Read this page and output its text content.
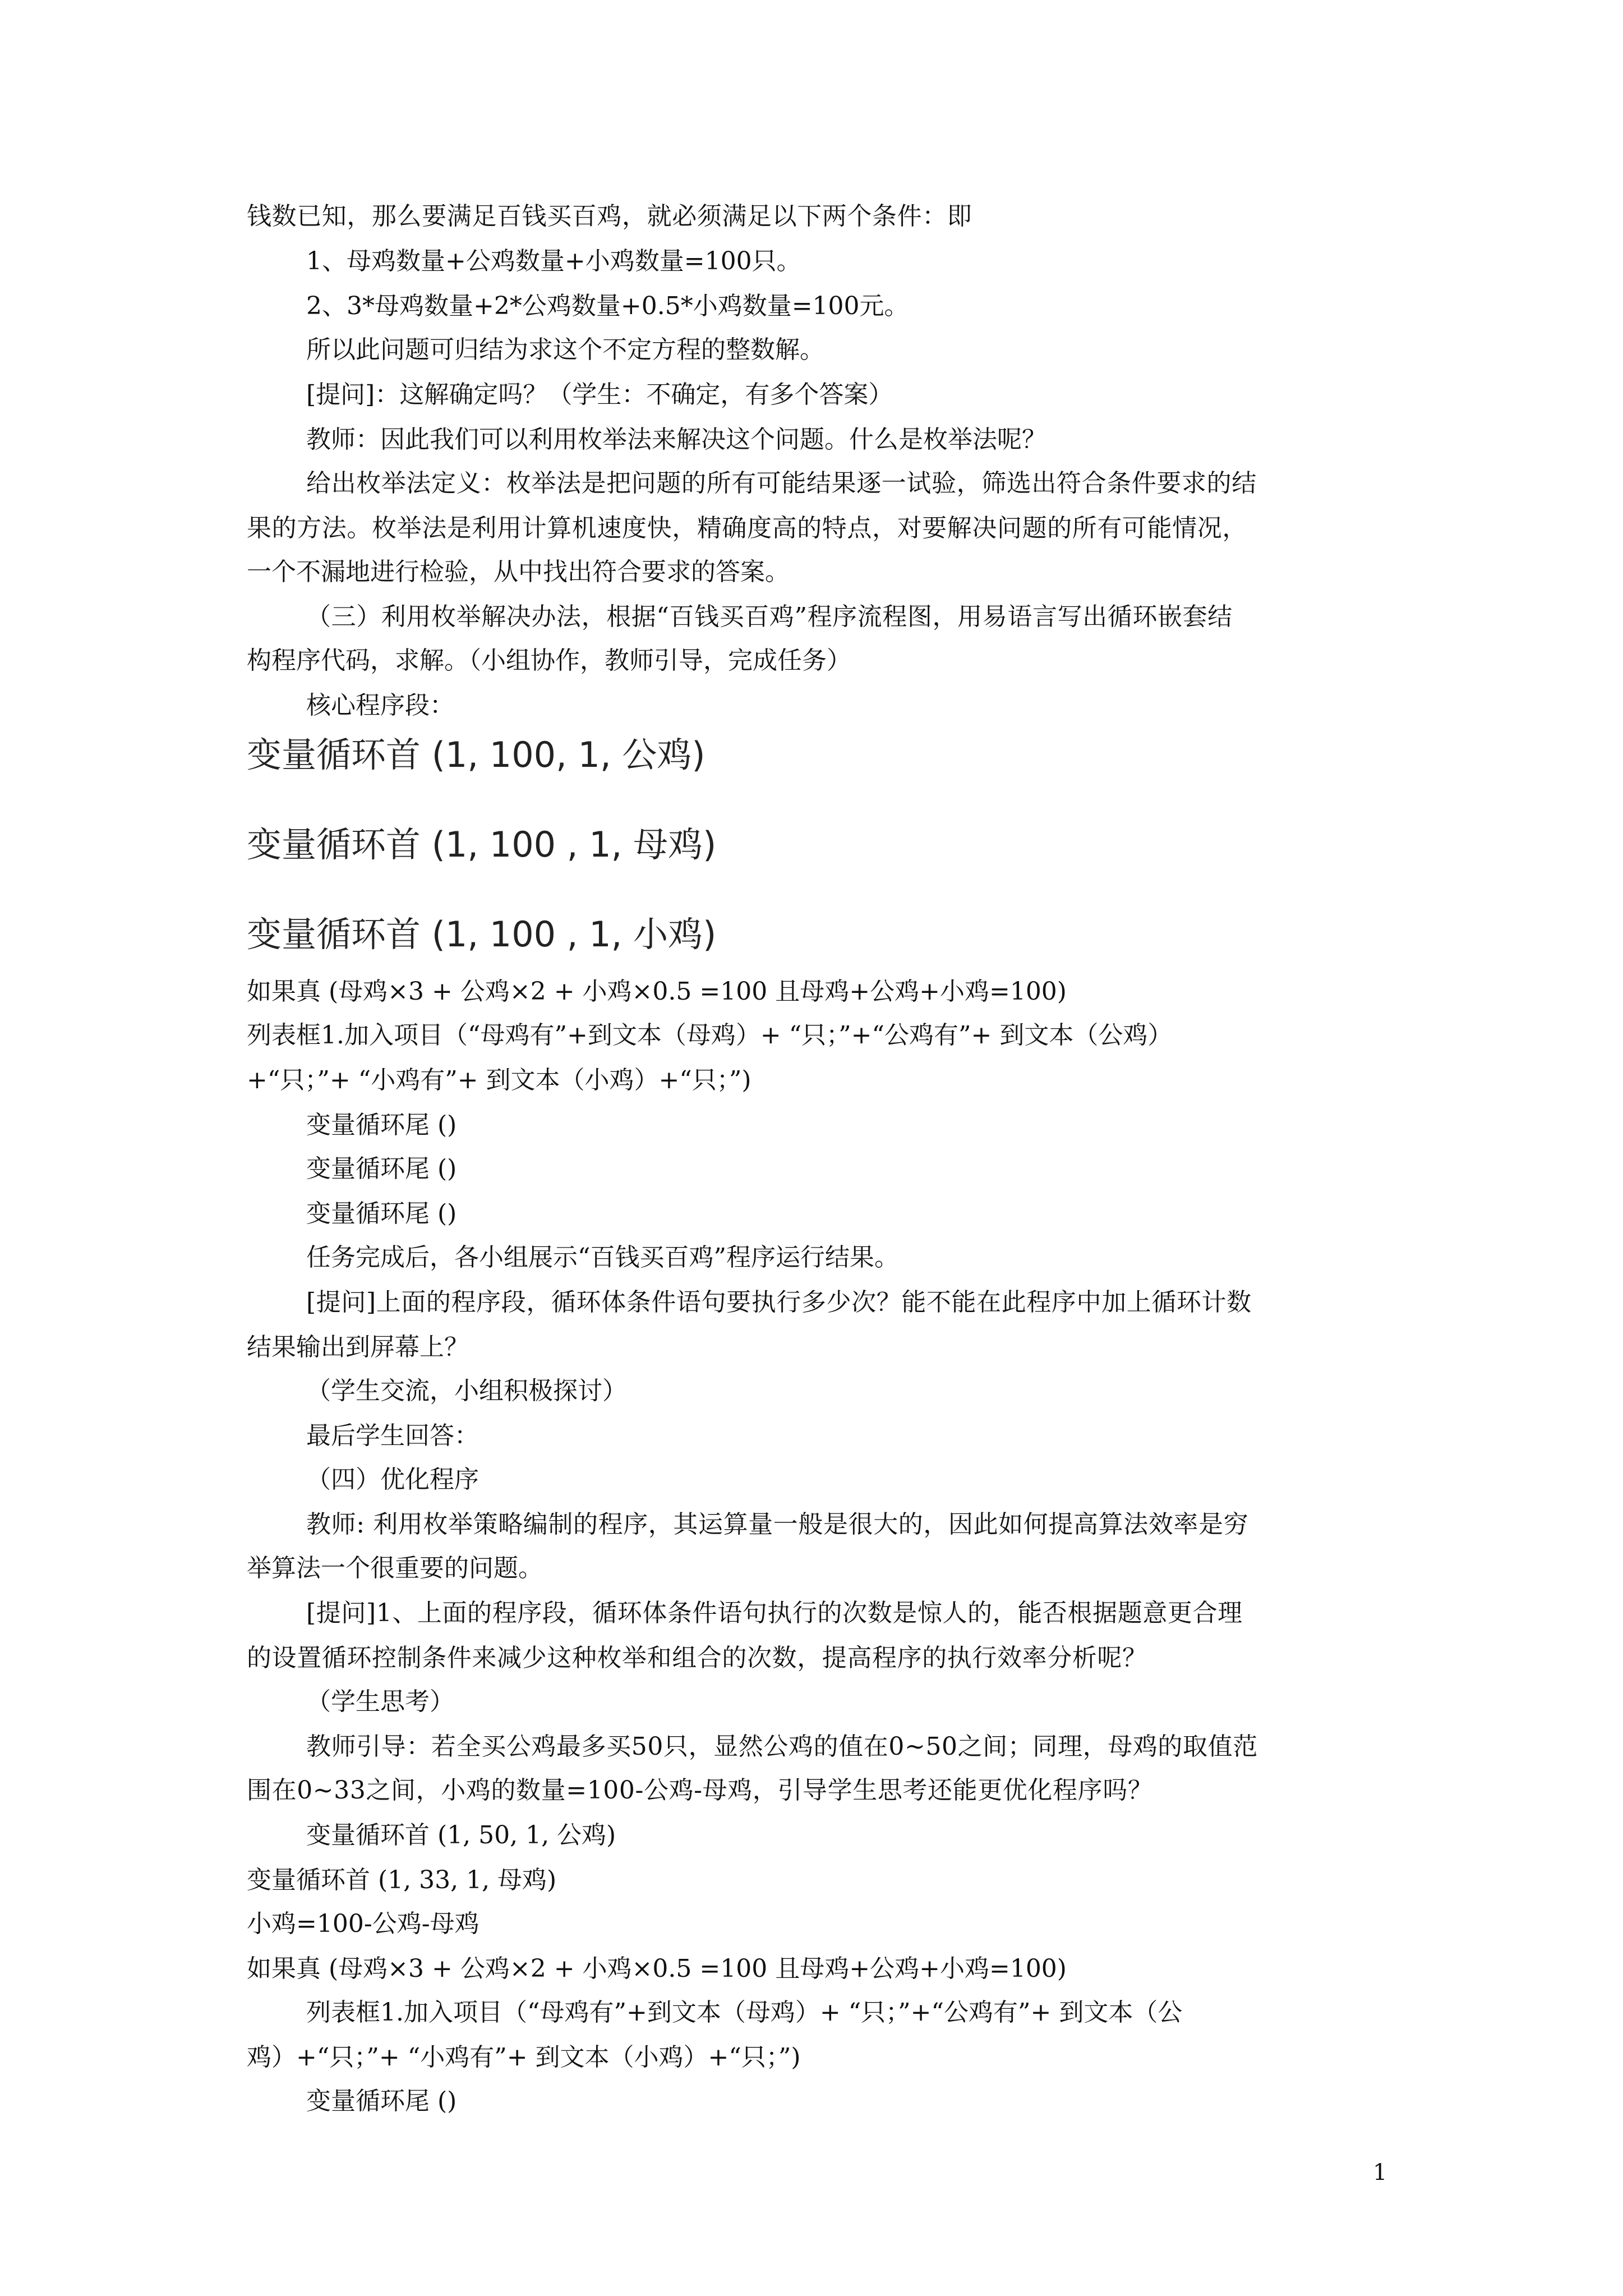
钱数已知，那么要满足百钱买百鸡，就必须满足以下两个条件：即
1、母鸡数量+公鸡数量+小鸡数量=100只。
2、3*母鸡数量+2*公鸡数量+0.5*小鸡数量=100元。
所以此问题可归结为求这个不定方程的整数解。
[提问]：这解确定吗？（学生：不确定，有多个答案）
教师：因此我们可以利用枚举法来解决这个问题。什么是枚举法呢？
给出枚举法定义：枚举法是把问题的所有可能结果逐一试验，筛选出符合条件要求的结
果的方法。枚举法是利用计算机速度快，精确度高的特点，对要解决问题的所有可能情况，
一个不漏地进行检验，从中找出符合要求的答案。
（三）利用枚举解决办法，根据“百钱买百鸡”程序流程图，用易语言写出循环嵌套结
构程序代码，求解。（小组协作，教师引导，完成任务）
核心程序段：
变量循环首 (1, 100, 1, 公鸡)
变量循环首 (1, 100 , 1, 母鸡)
变量循环首 (1, 100 , 1, 小鸡)
如果真 (母鸡×3 + 公鸡×2 + 小鸡×0.5 =100 且母鸡+公鸡+小鸡=100)
列表框1.加入项目（“母鸡有”+到文本（母鸡）+ “只；”+“公鸡有”+ 到文本（公鸡）
+“只；”+ “小鸡有”+ 到文本（小鸡）+“只；”)
变量循环尾 ()
变量循环尾 ()
变量循环尾 ()
任务完成后，各小组展示“百钱买百鸡”程序运行结果。
[提问]上面的程序段，循环体条件语句要执行多少次？能不能在此程序中加上循环计数
结果输出到屏幕上？
（学生交流，小组积极探讨）
最后学生回答：
（四）优化程序
教师: 利用枚举策略编制的程序，其运算量一般是很大的，因此如何提高算法效率是穷
举算法一个很重要的问题。
[提问]1、上面的程序段，循环体条件语句执行的次数是惊人的，能否根据题意更合理
的设置循环控制条件来减少这种枚举和组合的次数，提高程序的执行效率分析呢？
（学生思考）
教师引导：若全买公鸡最多买50只，显然公鸡的值在0~50之间；同理，母鸡的取值范
围在0~33之间，小鸡的数量=100-公鸡-母鸡，引导学生思考还能更优化程序吗？
变量循环首 (1, 50, 1, 公鸡)
变量循环首 (1, 33, 1, 母鸡)
小鸡=100-公鸡-母鸡
如果真 (母鸡×3 + 公鸡×2 + 小鸡×0.5 =100 且母鸡+公鸡+小鸡=100)
列表框1.加入项目（“母鸡有”+到文本（母鸡）+ “只；”+“公鸡有”+ 到文本（公
鸡）+“只；”+ “小鸡有”+ 到文本（小鸡）+“只；”)
变量循环尾 ()
1
